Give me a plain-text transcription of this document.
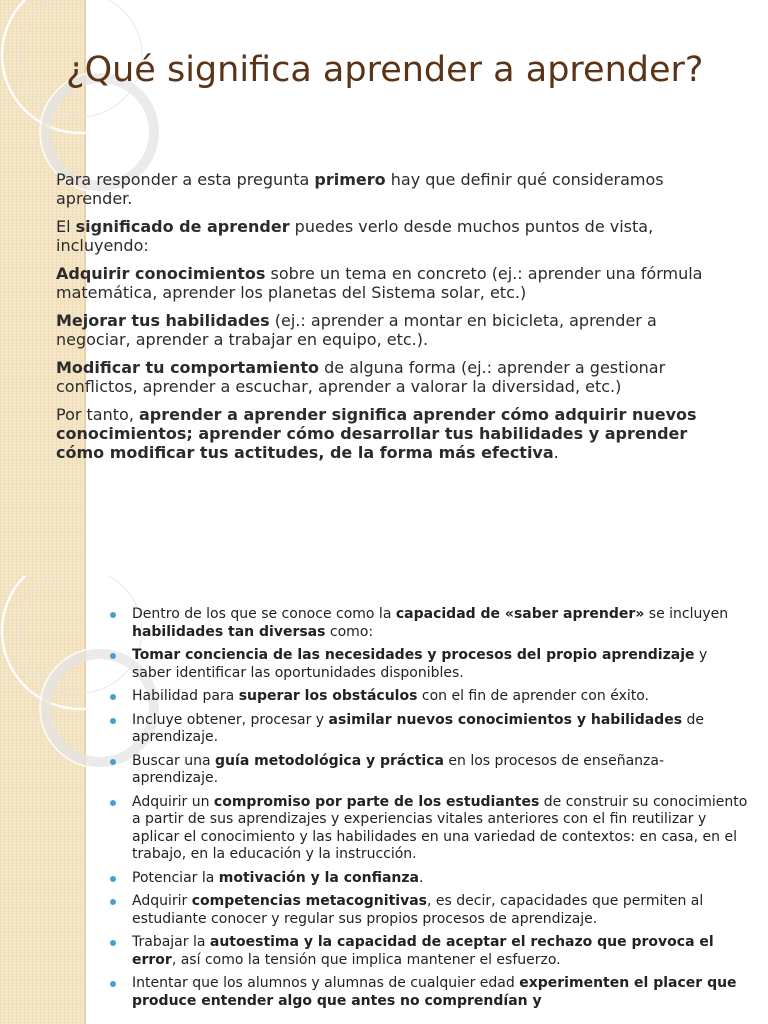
¿Qué significa aprender a aprender?

Para responder a esta pregunta primero hay que definir qué consideramos aprender.

El significado de aprender puedes verlo desde muchos puntos de vista, incluyendo:

Adquirir conocimientos sobre un tema en concreto (ej.: aprender una fórmula matemática, aprender los planetas del Sistema solar, etc.)

Mejorar tus habilidades (ej.: aprender a montar en bicicleta, aprender a negociar, aprender a trabajar en equipo, etc.).

Modificar tu comportamiento de alguna forma (ej.: aprender a gestionar conflictos, aprender a escuchar, aprender a valorar la diversidad, etc.)

Por tanto, aprender a aprender significa aprender cómo adquirir nuevos conocimientos; aprender cómo desarrollar tus habilidades y aprender cómo modificar tus actitudes, de la forma más efectiva.

Dentro de los que se conoce como la capacidad de «saber aprender» se incluyen habilidades tan diversas como:
Tomar conciencia de las necesidades y procesos del propio aprendizaje y saber identificar las oportunidades disponibles.
Habilidad para superar los obstáculos con el fin de aprender con éxito.
Incluye obtener, procesar y asimilar nuevos conocimientos y habilidades de aprendizaje.
Buscar una guía metodológica y práctica en los procesos de enseñanza-aprendizaje.
Adquirir un compromiso por parte de los estudiantes de construir su conocimiento a partir de sus aprendizajes y experiencias vitales anteriores con el fin reutilizar y aplicar el conocimiento y las habilidades en una variedad de contextos: en casa, en el trabajo, en la educación y la instrucción.
Potenciar la motivación y la confianza.
Adquirir competencias metacognitivas, es decir, capacidades que permiten al estudiante conocer y regular sus propios procesos de aprendizaje.
Trabajar la autoestima y la capacidad de aceptar el rechazo que provoca el error, así como la tensión que implica mantener el esfuerzo.
Intentar que los alumnos y alumnas de cualquier edad experimenten el placer que produce entender algo que antes no comprendían y
